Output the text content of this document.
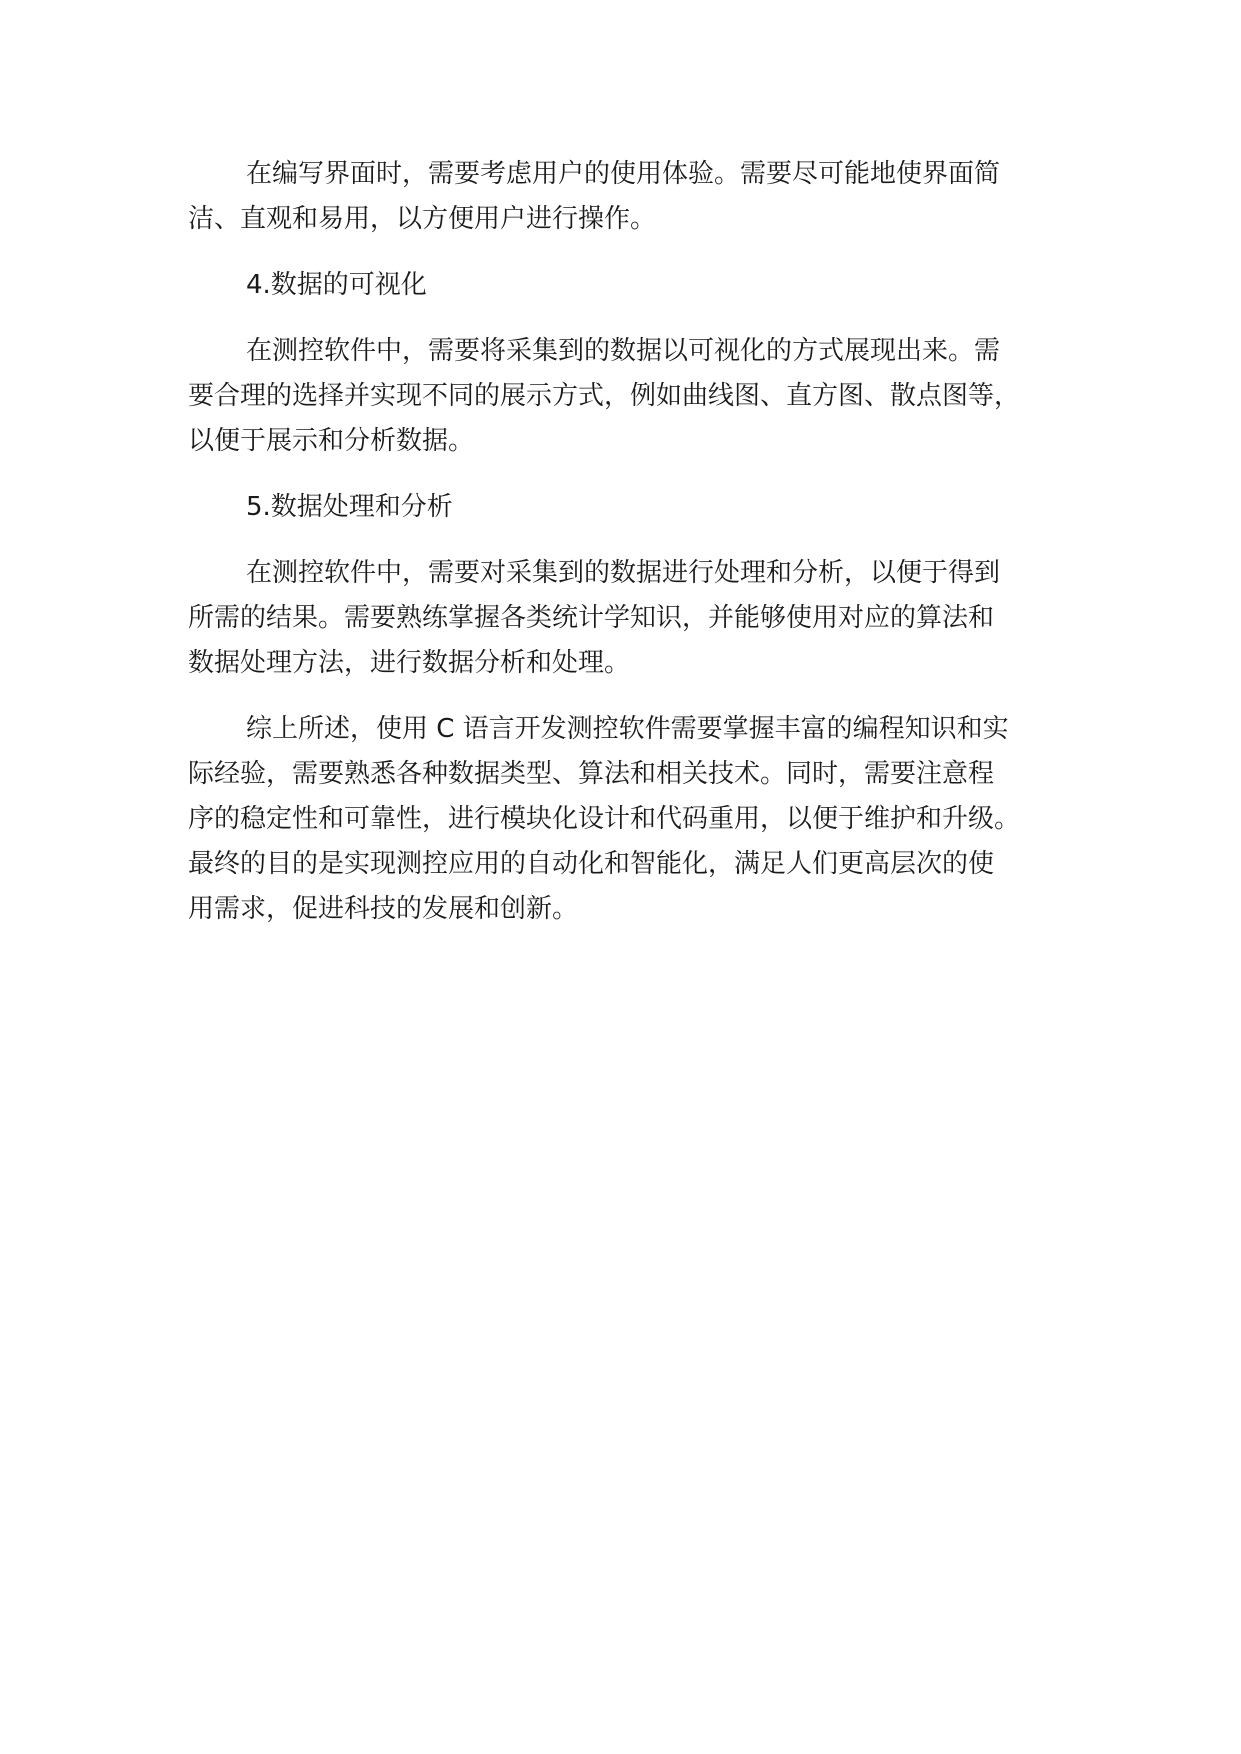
在编写界面时，需要考虑用户的使用体验。需要尽可能地使界面简
洁、直观和易用，以方便用户进行操作。

4.数据的可视化

在测控软件中，需要将采集到的数据以可视化的方式展现出来。需
要合理的选择并实现不同的展示方式，例如曲线图、直方图、散点图等，
以便于展示和分析数据。

5.数据处理和分析

在测控软件中，需要对采集到的数据进行处理和分析，以便于得到
所需的结果。需要熟练掌握各类统计学知识，并能够使用对应的算法和
数据处理方法，进行数据分析和处理。

综上所述，使用 C 语言开发测控软件需要掌握丰富的编程知识和实
际经验，需要熟悉各种数据类型、算法和相关技术。同时，需要注意程
序的稳定性和可靠性，进行模块化设计和代码重用，以便于维护和升级。
最终的目的是实现测控应用的自动化和智能化，满足人们更高层次的使
用需求，促进科技的发展和创新。
